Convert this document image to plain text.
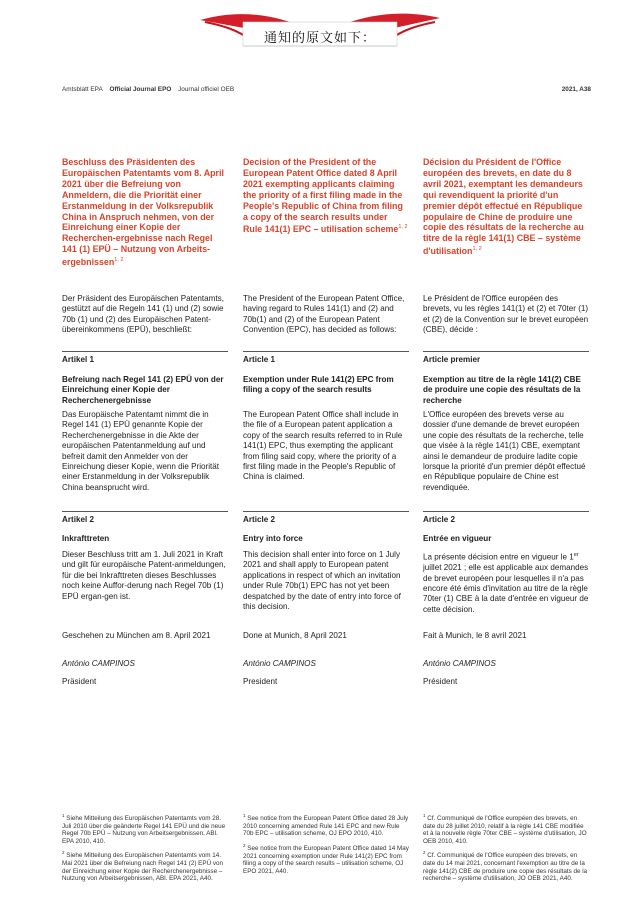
通知的原文如下：
Amtsblatt EPA Official Journal EPO Journal officiel OEB	2021, A38
Beschluss des Präsidenten des Europäischen Patentamts vom 8. April 2021 über die Befreiung von Anmeldern, die die Priorität einer Erstanmeldung in der Volksrepublik China in Anspruch nehmen, von der Einreichung einer Kopie der Recherchen-ergebnisse nach Regel 141 (1) EPÜ – Nutzung von Arbeits-ergebnissen$^{1, 2}$
Der Präsident des Europäischen Patentamts, gestützt auf die Regeln 141 (1) und (2) sowie 70b (1) und (2) des Europäischen Patent-übereinkommens (EPÜ), beschließt:
Artikel 1
Befreiung nach Regel 141 (2) EPÜ von der Einreichung einer Kopie der Recherchenergebnisse
Das Europäische Patentamt nimmt die in Regel 141 (1) EPÜ genannte Kopie der Recherchenergebnisse in die Akte der europäischen Patentanmeldung auf und befreit damit den Anmelder von der Einreichung dieser Kopie, wenn die Priorität einer Erstanmeldung in der Volksrepublik China beansprucht wird.
Artikel 2
Inkrafttreten
Dieser Beschluss tritt am 1. Juli 2021 in Kraft und gilt für europäische Patent-anmeldungen, für die bei Inkrafttreten dieses Beschlusses noch keine Auffor-derung nach Regel 70b (1) EPÜ ergan-gen ist.
Geschehen zu München am 8. April 2021
António CAMPINOS
Präsident
Decision of the President of the European Patent Office dated 8 April 2021 exempting applicants claiming the priority of a first filing made in the People's Republic of China from filing a copy of the search results under Rule 141(1) EPC – utilisation scheme$^{1, 2}$
The President of the European Patent Office, having regard to Rules 141(1) and (2) and 70b(1) and (2) of the European Patent Convention (EPC), has decided as follows:
Article 1
Exemption under Rule 141(2) EPC from filing a copy of the search results
The European Patent Office shall include in the file of a European patent application a copy of the search results referred to in Rule 141(1) EPC, thus exempting the applicant from filing said copy, where the priority of a first filing made in the People's Republic of China is claimed.
Article 2
Entry into force
This decision shall enter into force on 1 July 2021 and shall apply to European patent applications in respect of which an invitation under Rule 70b(1) EPC has not yet been despatched by the date of entry into force of this decision.
Done at Munich, 8 April 2021
António CAMPINOS
President
Décision du Président de l'Office européen des brevets, en date du 8 avril 2021, exemptant les demandeurs qui revendiquent la priorité d'un premier dépôt effectué en République populaire de Chine de produire une copie des résultats de la recherche au titre de la règle 141(1) CBE – système d'utilisation$^{1, 2}$
Le Président de l'Office européen des brevets, vu les règles 141(1) et (2) et 70ter (1) et (2) de la Convention sur le brevet européen (CBE), décide :
Article premier
Exemption au titre de la règle 141(2) CBE de produire une copie des résultats de la recherche
L'Office européen des brevets verse au dossier d'une demande de brevet européen une copie des résultats de la recherche, telle que visée à la règle 141(1) CBE, exemptant ainsi le demandeur de produire ladite copie lorsque la priorité d'un premier dépôt effectué en République populaire de Chine est revendiquée.
Article 2
Entrée en vigueur
La présente décision entre en vigueur le 1er juillet 2021 ; elle est applicable aux demandes de brevet européen pour lesquelles il n'a pas encore été émis d'invitation au titre de la règle 70ter (1) CBE à la date d'entrée en vigueur de cette décision.
Fait à Munich, le 8 avril 2021
António CAMPINOS
Président

$^1$ Siehe Mitteilung des Europäischen Patentamts vom 28. Juli 2010 über die geänderte Regel 141 EPÜ und die neue Regel 70b EPÜ – Nutzung von Arbeitsergebnissen, ABl. EPA 2010, 410.

$^2$ Siehe Mitteilung des Europäischen Patentamts vom 14. Mai 2021 über die Befreiung nach Regel 141 (2) EPÜ von der Einreichung einer Kopie der Recherchenergebnisse – Nutzung von Arbeitsergebnissen, ABl. EPA 2021, A40.

$^1$ See notice from the European Patent Office dated 28 July 2010 concerning amended Rule 141 EPC and new Rule 70b EPC – utilisation scheme, OJ EPO 2010, 410.

$^2$ See notice from the European Patent Office dated 14 May 2021 concerning exemption under Rule 141(2) EPC from filing a copy of the search results – utilisation scheme, OJ EPO 2021, A40.

$^1$ Cf. Communiqué de l'Office européen des brevets, en date du 28 juillet 2010, relatif à la règle 141 CBE modifiée et à la nouvelle règle 70ter CBE – système d'utilisation, JO OEB 2010, 410.

$^2$ Cf. Communiqué de l'Office européen des brevets, en date du 14 mai 2021, concernant l'exemption au titre de la règle 141(2) CBE de produire une copie des résultats de la recherche – système d'utilisation, JO OEB 2021, A40.
